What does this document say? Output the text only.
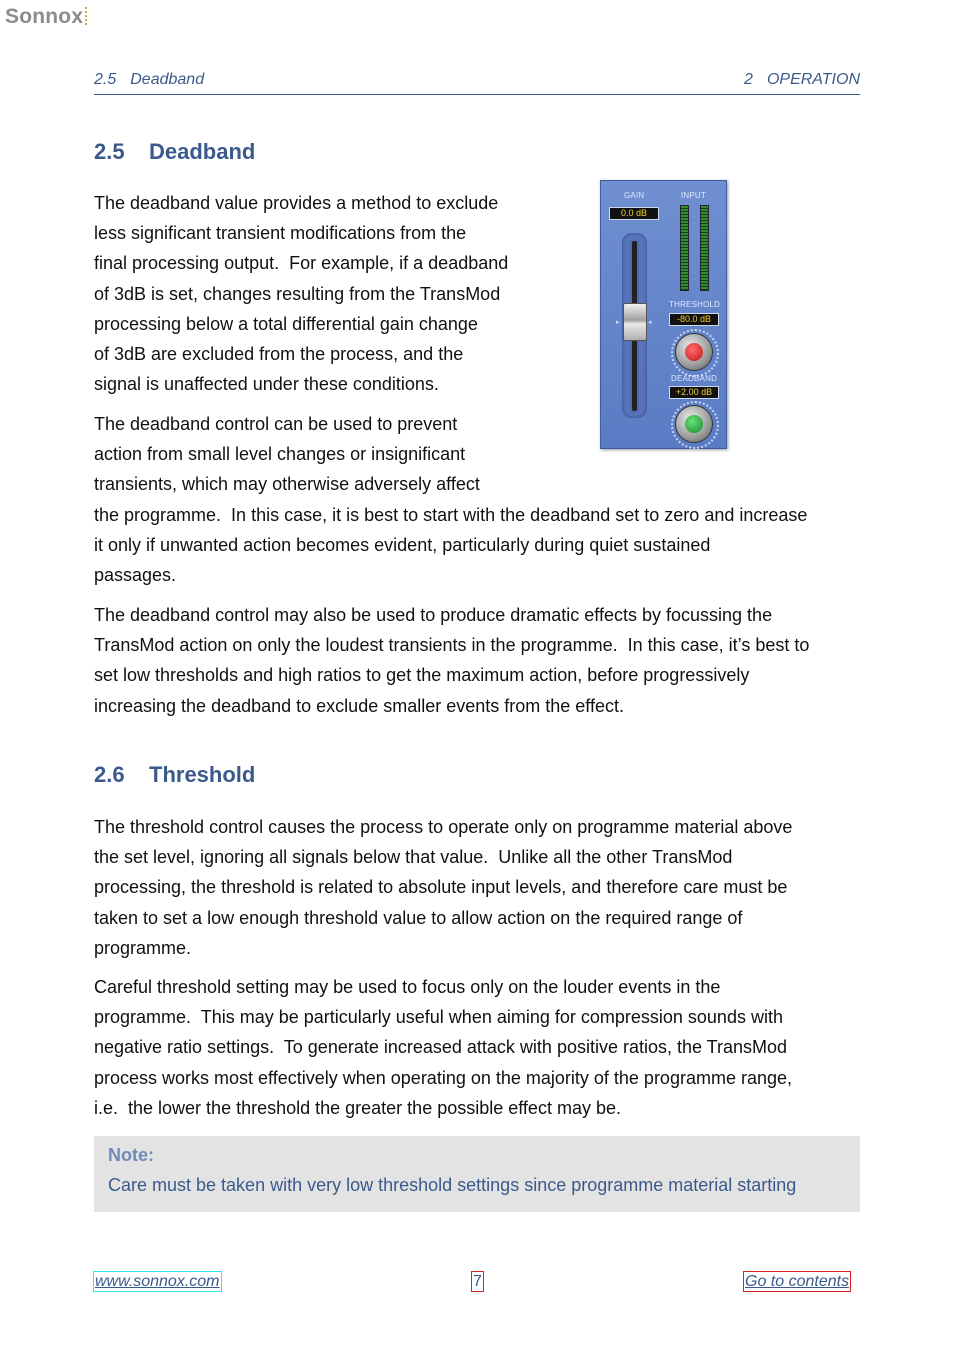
Sonnox
2.5 Deadband	2 OPERATION
2.5 Deadband
The deadband value provides a method to exclude
less significant transient modifications from the
final processing output.  For example, if a deadband
of 3dB is set, changes resulting from the TransMod
processing below a total differential gain change
of 3dB are excluded from the process, and the
signal is unaffected under these conditions.
The deadband control can be used to prevent
action from small level changes or insignificant
transients, which may otherwise adversely affect
the programme.  In this case, it is best to start with the deadband set to zero and increase
it only if unwanted action becomes evident, particularly during quiet sustained
passages.
The deadband control may also be used to produce dramatic effects by focussing the
TransMod action on only the loudest transients in the programme.  In this case, it’s best to
set low thresholds and high ratios to get the maximum action, before progressively
increasing the deadband to exclude smaller events from the effect.
GAIN	INPUT
0.0 dB
▸	◂
·
·
·
·
·
·
·
·
·
·
·
THRESHOLD
-80.0 dB
DEADBAND
+2.00 dB
2.6 Threshold
The threshold control causes the process to operate only on programme material above
the set level, ignoring all signals below that value.  Unlike all the other TransMod
processing, the threshold is related to absolute input levels, and therefore care must be
taken to set a low enough threshold value to allow action on the required range of
programme.
Careful threshold setting may be used to focus only on the louder events in the
programme.  This may be particularly useful when aiming for compression sounds with
negative ratio settings.  To generate increased attack with positive ratios, the TransMod
process works most effectively when operating on the majority of the programme range,
i.e.  the lower the threshold the greater the possible effect may be.
Note:
Care must be taken with very low threshold settings since programme material starting
www.sonnox.com	7	Go to contents
